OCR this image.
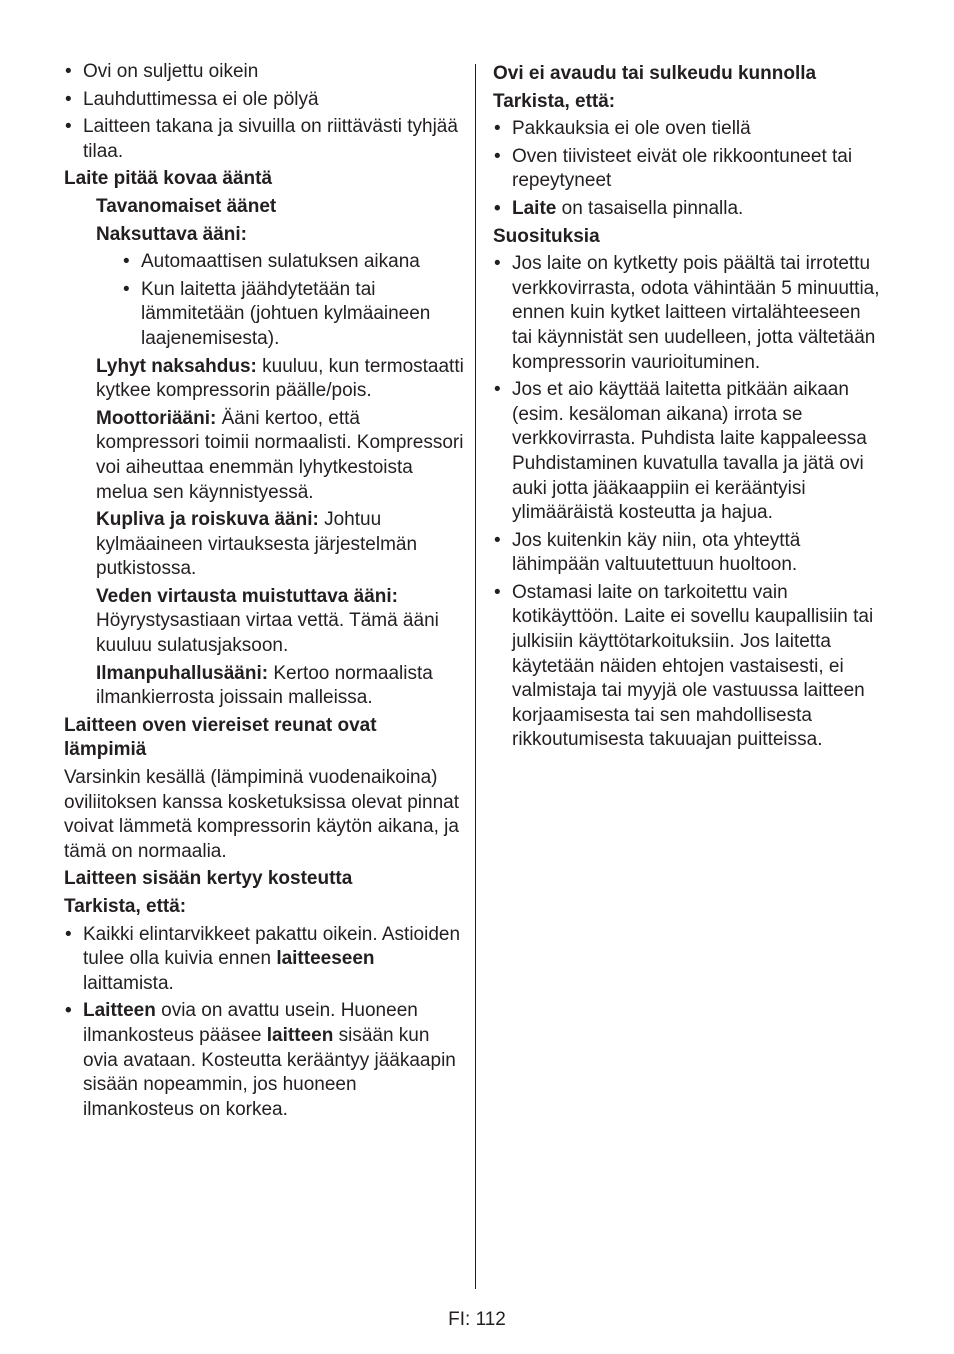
• Ovi on suljettu oikein
• Lauhduttimessa ei ole pölyä
• Laitteen takana ja sivuilla on riittävästi tyhjää tilaa.
Laite pitää kovaa ääntä
Tavanomaiset äänet
Naksuttava ääni:
• Automaattisen sulatuksen aikana
• Kun laitetta jäähdytetään tai lämmitetään (johtuen kylmäaineen laajenemisesta).
Lyhyt naksahdus: kuuluu, kun termostaatti kytkee kompressorin päälle/pois.
Moottoriääni: Ääni kertoo, että kompressori toimii normaalisti. Kompressori voi aiheuttaa enemmän lyhytkestoista melua sen käynnistyessä.
Kupliva ja roiskuva ääni: Johtuu kylmäaineen virtauksesta järjestelmän putkistossa.
Veden virtausta muistuttava ääni: Höyrystysastiaan virtaa vettä. Tämä ääni kuuluu sulatusjaksoon.
Ilmanpuhallusääni: Kertoo normaalista ilmankierrosta joissain malleissa.
Laitteen oven viereiset reunat ovat lämpimiä
Varsinkin kesällä (lämpiminä vuodenaikoina) oviliitoksen kanssa kosketuksissa olevat pinnat voivat lämmetä kompressorin käytön aikana, ja tämä on normaalia.
Laitteen sisään kertyy kosteutta
Tarkista, että:
• Kaikki elintarvikkeet pakattu oikein. Astioiden tulee olla kuivia ennen laitteeseen laittamista.
• Laitteen ovia on avattu usein. Huoneen ilmankosteus pääsee laitteen sisään kun ovia avataan. Kosteutta kerääntyy jääkaapin sisään nopeammin, jos huoneen ilmankosteus on korkea.
Ovi ei avaudu tai sulkeudu kunnolla
Tarkista, että:
• Pakkauksia ei ole oven tiellä
• Oven tiivisteet eivät ole rikkoontuneet tai repeytyneet
• Laite on tasaisella pinnalla.
Suosituksia
• Jos laite on kytketty pois päältä tai irrotettu verkkovirrasta, odota vähintään 5 minuuttia, ennen kuin kytket laitteen virtalähteeseen tai käynnistät sen uudelleen, jotta vältetään kompressorin vaurioituminen.
• Jos et aio käyttää laitetta pitkään aikaan (esim. kesäloman aikana) irrota se verkkovirrasta. Puhdista laite kappaleessa Puhdistaminen kuvatulla tavalla ja jätä ovi auki jotta jääkaappiin ei kerääntyisi ylimääräistä kosteutta ja hajua.
• Jos kuitenkin käy niin, ota yhteyttä lähimpään valtuutettuun huoltoon.
• Ostamasi laite on tarkoitettu vain kotikäyttöön. Laite ei sovellu kaupallisiin tai julkisiin käyttötarkoituksiin. Jos laitetta käytetään näiden ehtojen vastaisesti, ei valmistaja tai myyjä ole vastuussa laitteen korjaamisesta tai sen mahdollisesta rikkoutumisesta takuuajan puitteissa.
FI: 112
